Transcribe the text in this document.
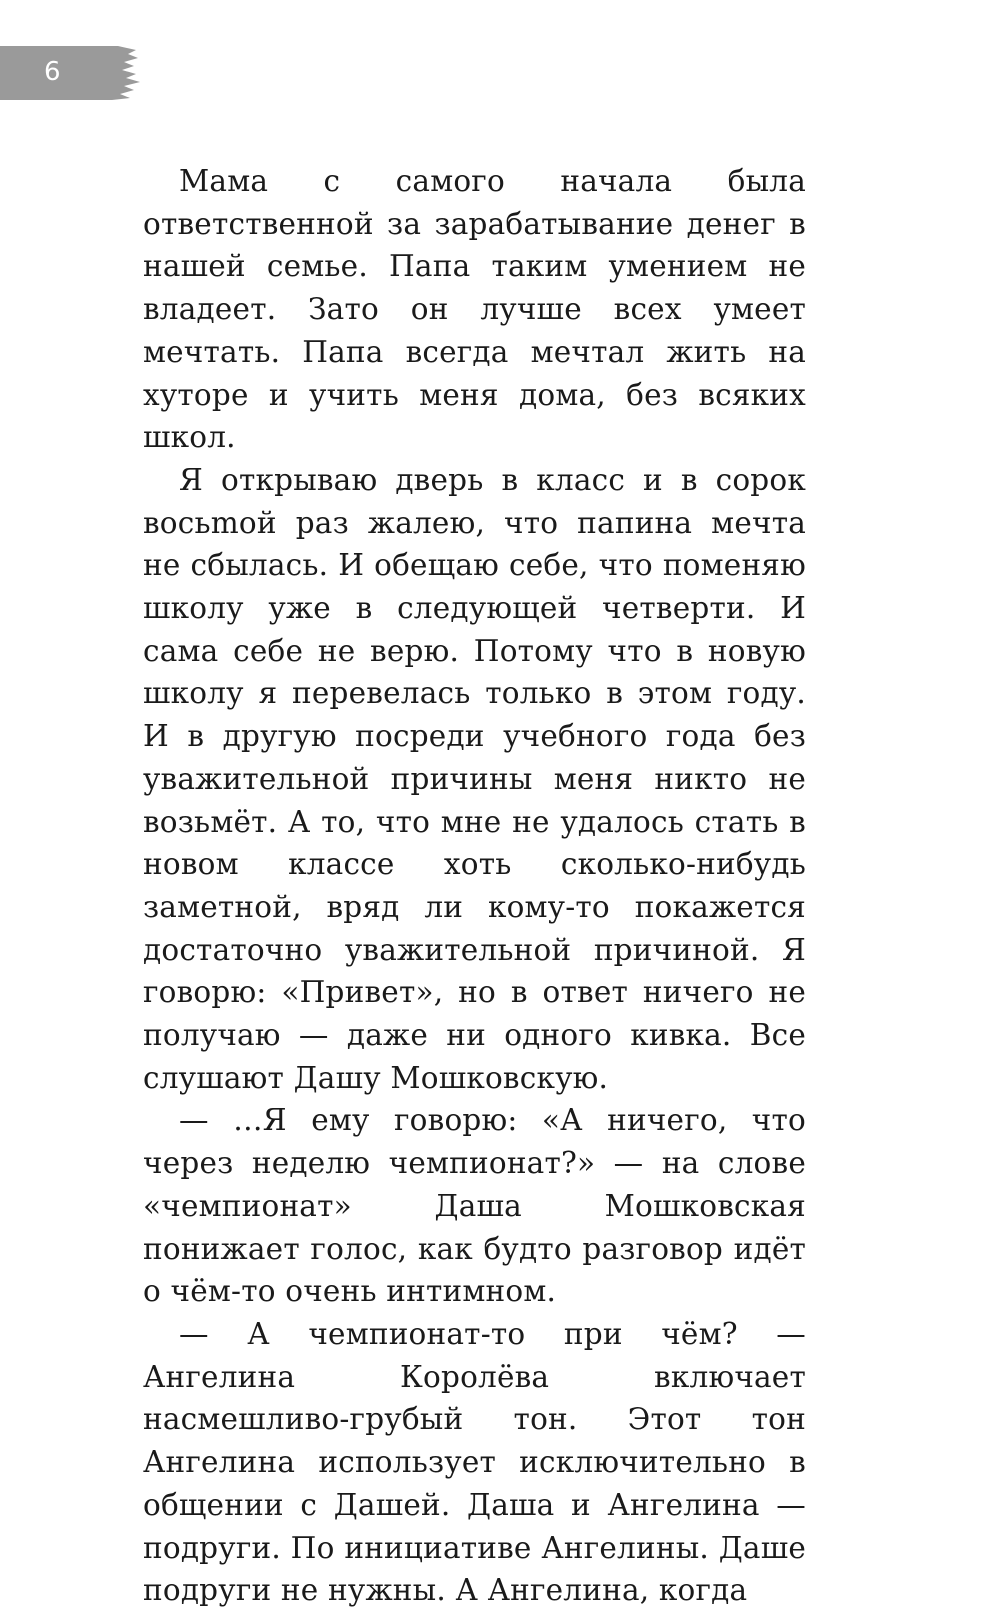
6

Мама с самого начала была ответственной за зарабатывание денег в нашей семье. Папа таким умением не владеет. Зато он лучше всех умеет мечтать. Папа всегда мечтал жить на хуторе и учить меня дома, без всяких школ.

Я открываю дверь в класс и в сорок восьmой раз жалею, что папина мечта не сбылась. И обещаю себе, что поменяю школу уже в следующей четверти. И сама себе не верю. Потому что в новую школу я перевелась только в этом году. И в другую посреди учебного года без уважительной причины меня никто не возьмёт. А то, что мне не удалось стать в новом классе хоть сколько-нибудь заметной, вряд ли кому-то покажется достаточно уважительной причиной. Я говорю: «Привет», но в ответ ничего не получаю — даже ни одного кивка. Все слушают Дашу Мошковскую.

— …Я ему говорю: «А ничего, что через неделю чемпионат?» — на слове «чемпионат» Даша Мошковская понижает голос, как будто разговор идёт о чём-то очень интимном.

— А чемпионат-то при чём? — Ангелина Королёва включает насмешливо-грубый тон. Этот тон Ангелина использует исключительно в общении с Дашей. Даша и Ангелина — подруги. По инициативе Ангелины. Даше подруги не нужны. А Ангелина, когда
